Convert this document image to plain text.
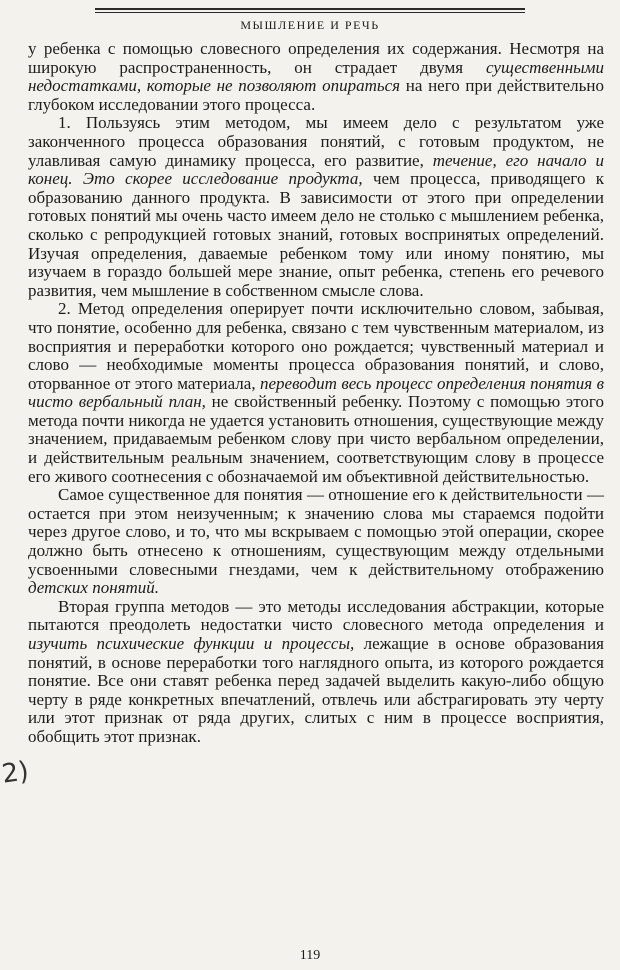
МЫШЛЕНИЕ И РЕЧЬ
2)

у ребенка с помощью словесного определения их содержания. Несмотря на широкую распространенность, он страдает двумя существенными недостатками, которые не позволяют опираться на него при действительно глубоком исследовании этого процесса.

1. Пользуясь этим методом, мы имеем дело с результатом уже законченного процесса образования понятий, с готовым продуктом, не улавливая самую динамику процесса, его развитие, течение, его начало и конец. Это скорее исследование продукта, чем процесса, приводящего к образованию данного продукта. В зависимости от этого при определении готовых понятий мы очень часто имеем дело не столько с мышлением ребенка, сколько с репродукцией готовых знаний, готовых воспринятых определений. Изучая определения, даваемые ребенком тому или иному понятию, мы изучаем в гораздо большей мере знание, опыт ребенка, степень его речевого развития, чем мышление в собственном смысле слова.

2. Метод определения оперирует почти исключительно словом, забывая, что понятие, особенно для ребенка, связано с тем чувственным материалом, из восприятия и переработки которого оно рождается; чувственный материал и слово — необходимые моменты процесса образования понятий, и слово, оторванное от этого материала, переводит весь процесс определения понятия в чисто вербальный план, не свойственный ребенку. Поэтому с помощью этого метода почти никогда не удается установить отношения, существующие между значением, придаваемым ребенком слову при чисто вербальном определении, и действительным реальным значением, соответствующим слову в процессе его живого соотнесения с обозначаемой им объективной действительностью.

Самое существенное для понятия — отношение его к действительности — остается при этом неизученным; к значению слова мы стараемся подойти через другое слово, и то, что мы вскрываем с помощью этой операции, скорее должно быть отнесено к отношениям, существующим между отдельными усвоенными словесными гнездами, чем к действительному отображению детских понятий.

Вторая группа методов — это методы исследования абстракции, которые пытаются преодолеть недостатки чисто словесного метода определения и изучить психические функции и процессы, лежащие в основе образования понятий, в основе переработки того наглядного опыта, из которого рождается понятие. Все они ставят ребенка перед задачей выделить какую-либо общую черту в ряде конкретных впечатлений, отвлечь или абстрагировать эту черту или этот признак от ряда других, слитых с ним в процессе восприятия, обобщить этот признак.

119
